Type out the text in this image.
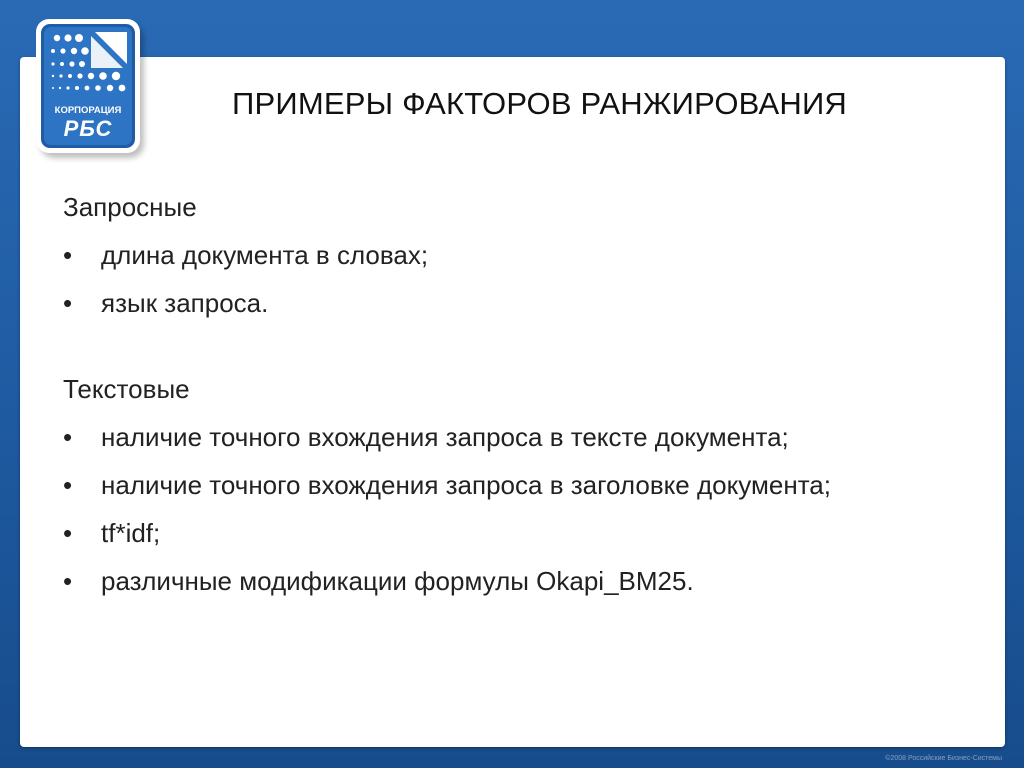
КОРПОРАЦИЯ
РБС
ПРИМЕРЫ ФАКТОРОВ РАНЖИРОВАНИЯ

Запросные

•	длина документа в словах;
•	язык запроса.

Текстовые

•	наличие точного вхождения запроса в тексте документа;
•	наличие точного вхождения запроса в заголовке документа;
•	tf*idf;
•	различные модификации формулы Okapi_BM25.
©2008 Российские Бизнес-Системы
